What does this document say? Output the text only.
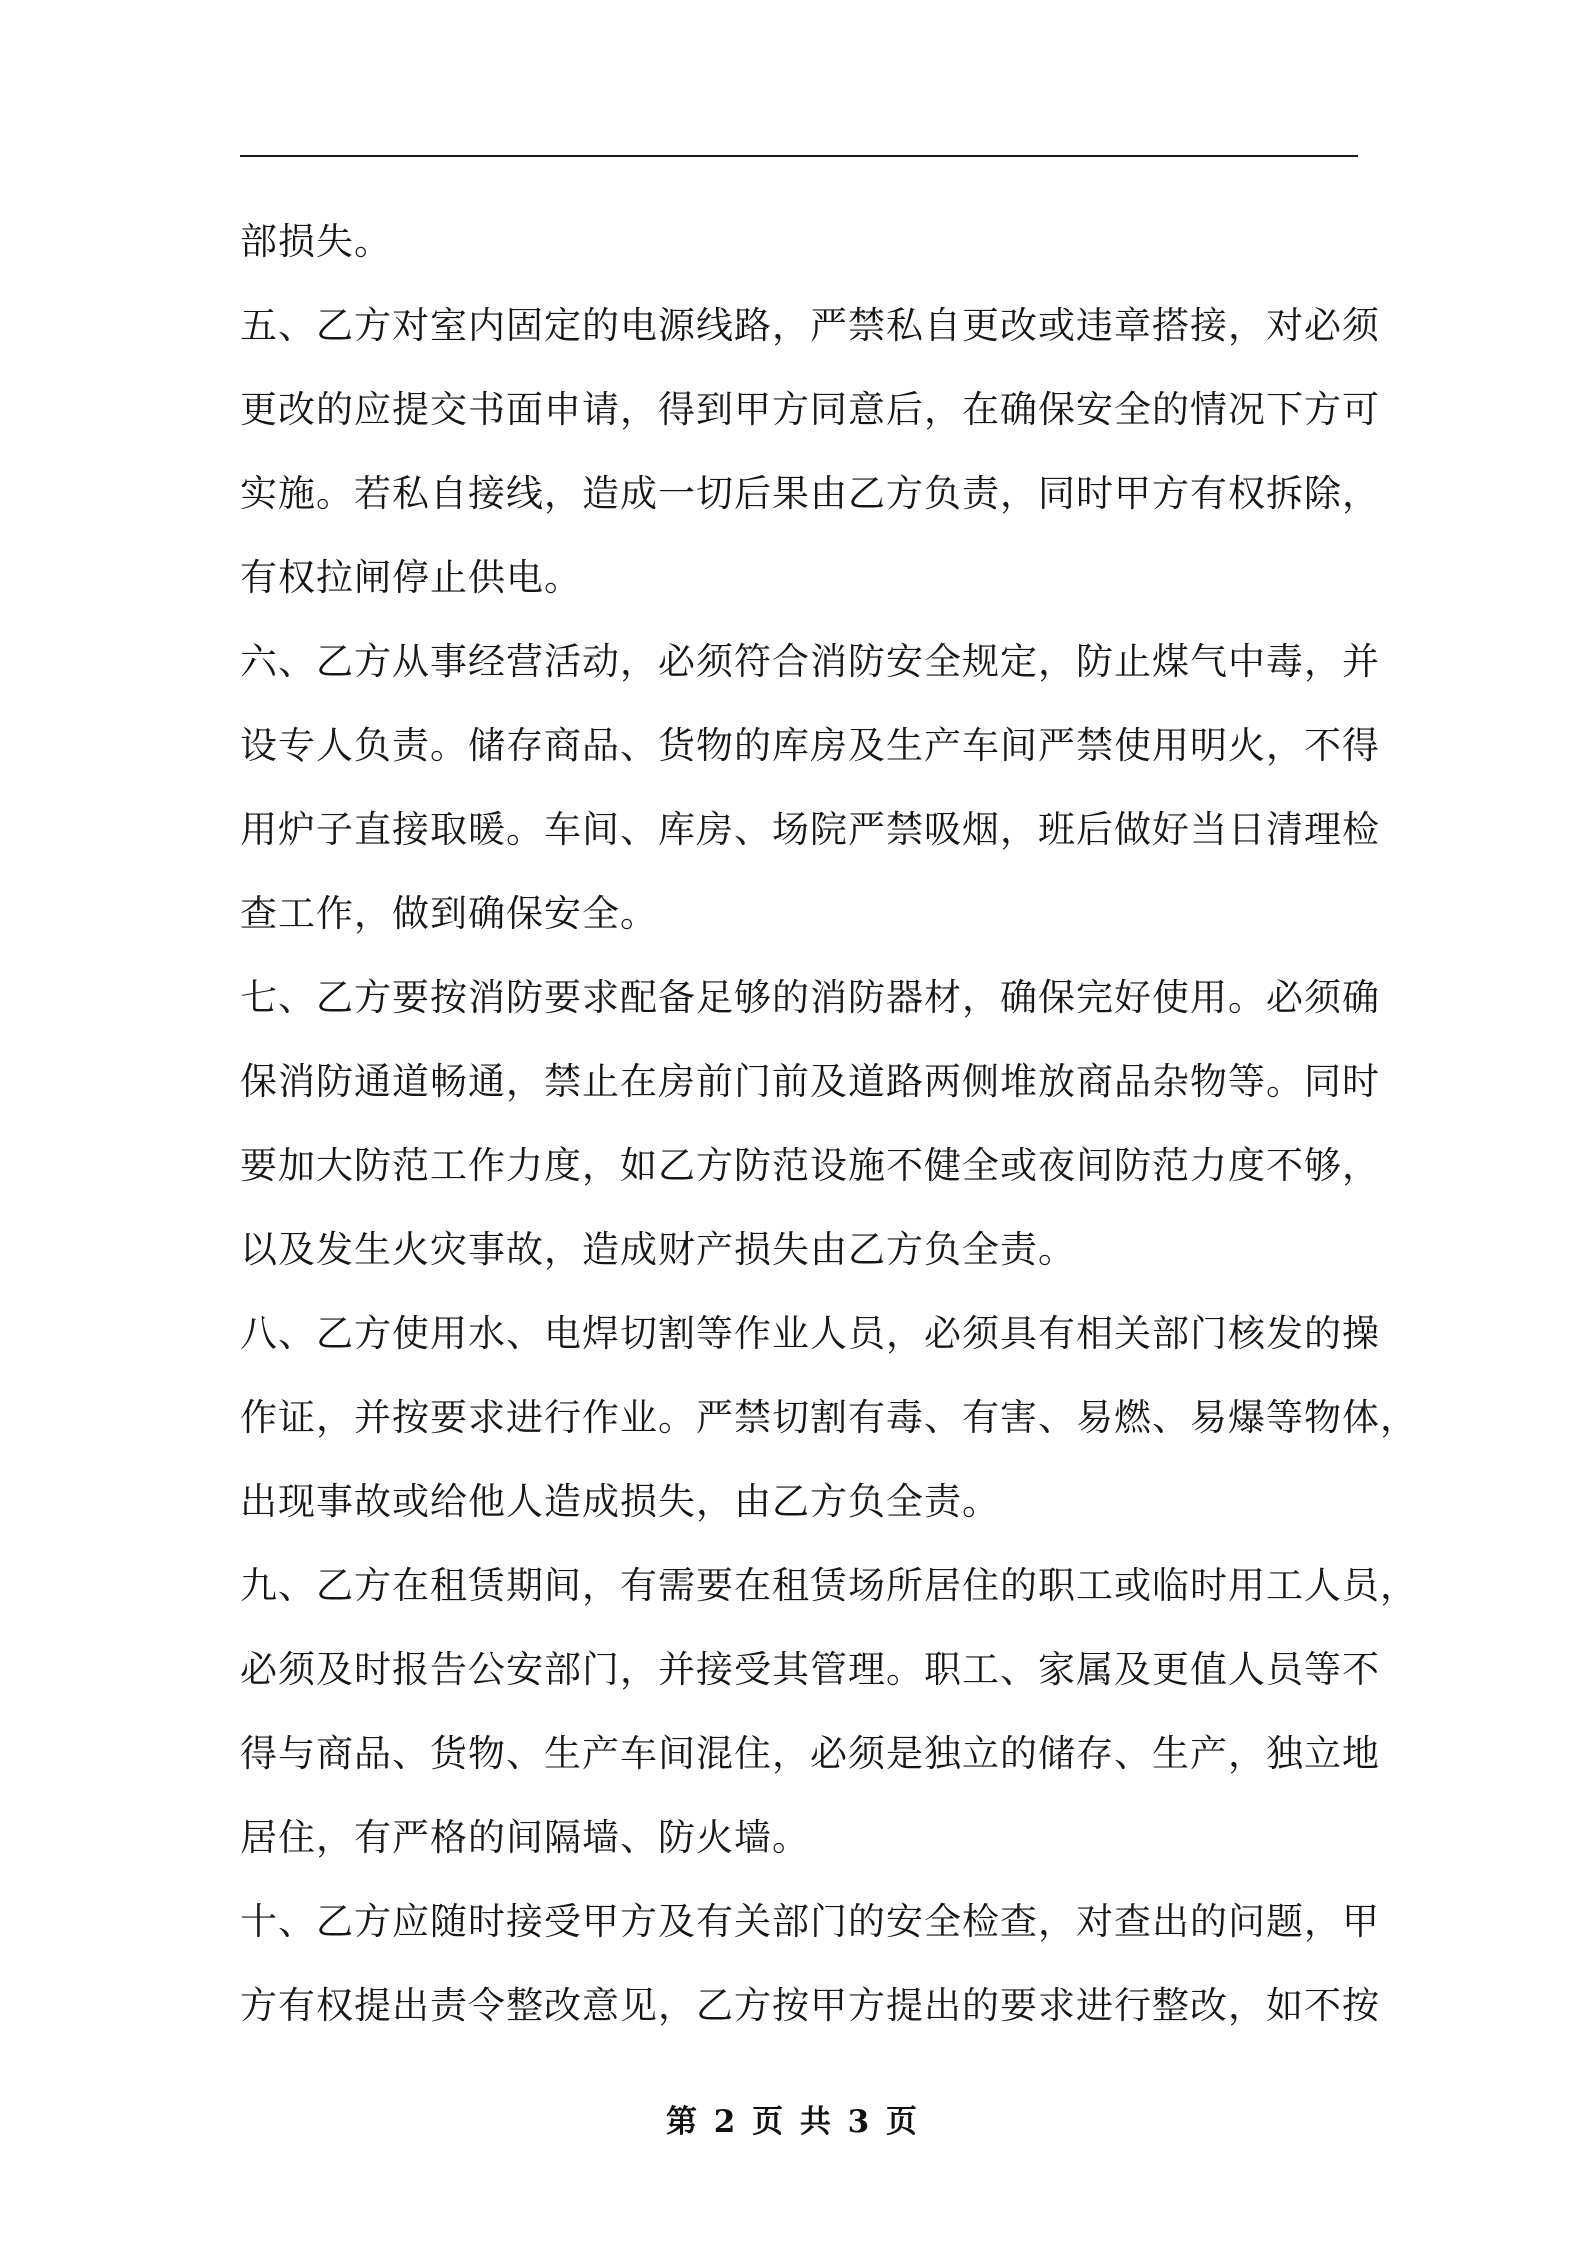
部损失。

五、乙方对室内固定的电源线路，严禁私自更改或违章搭接，对必须
更改的应提交书面申请，得到甲方同意后，在确保安全的情况下方可
实施。若私自接线，造成一切后果由乙方负责，同时甲方有权拆除，
有权拉闸停止供电。

六、乙方从事经营活动，必须符合消防安全规定，防止煤气中毒，并
设专人负责。储存商品、货物的库房及生产车间严禁使用明火，不得
用炉子直接取暖。车间、库房、场院严禁吸烟，班后做好当日清理检
查工作，做到确保安全。

七、乙方要按消防要求配备足够的消防器材，确保完好使用。必须确
保消防通道畅通，禁止在房前门前及道路两侧堆放商品杂物等。同时
要加大防范工作力度，如乙方防范设施不健全或夜间防范力度不够，
以及发生火灾事故，造成财产损失由乙方负全责。

八、乙方使用水、电焊切割等作业人员，必须具有相关部门核发的操
作证，并按要求进行作业。严禁切割有毒、有害、易燃、易爆等物体，
出现事故或给他人造成损失，由乙方负全责。

九、乙方在租赁期间，有需要在租赁场所居住的职工或临时用工人员，
必须及时报告公安部门，并接受其管理。职工、家属及更值人员等不
得与商品、货物、生产车间混住，必须是独立的储存、生产，独立地
居住，有严格的间隔墙、防火墙。

十、乙方应随时接受甲方及有关部门的安全检查，对查出的问题，甲
方有权提出责令整改意见，乙方按甲方提出的要求进行整改，如不按

第 2 页 共 3 页
